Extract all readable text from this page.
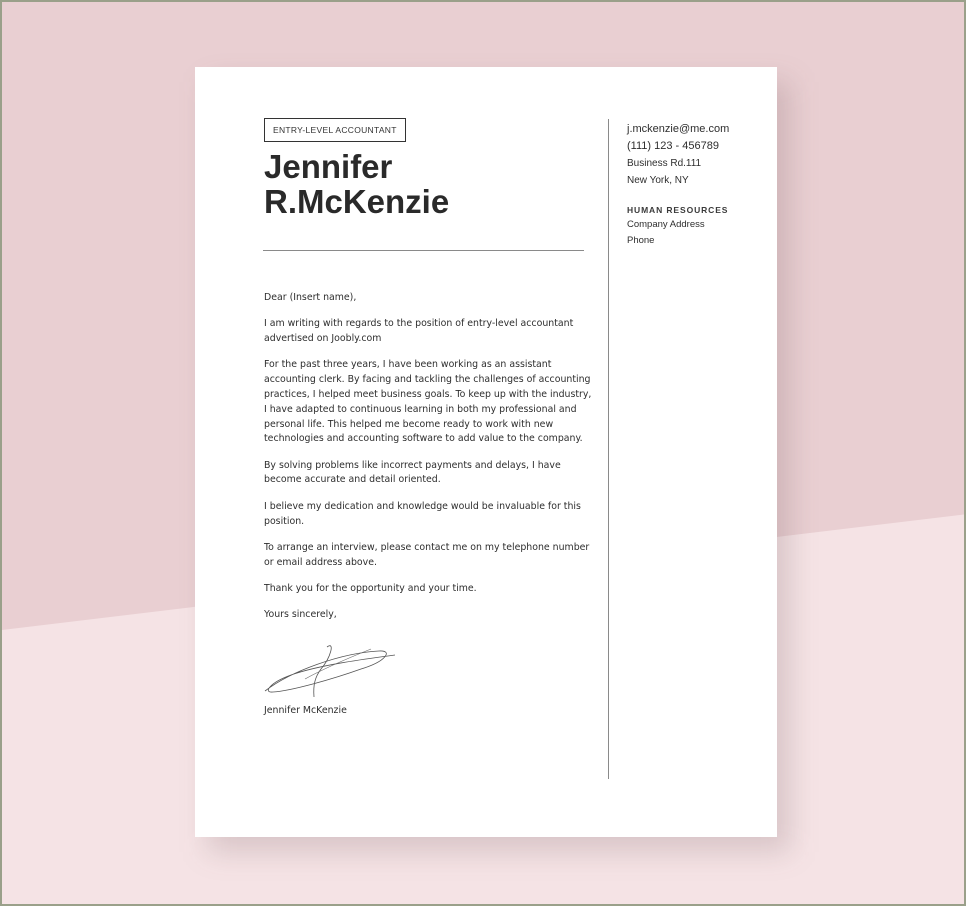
ENTRY-LEVEL ACCOUNTANT
Jennifer
R.McKenzie

Dear (Insert name),

I am writing with regards to the position of entry-level accountant advertised on Joobly.com

For the past three years, I have been working as an assistant accounting clerk. By facing and tackling the challenges of accounting practices, I helped meet business goals. To keep up with the industry, I have adapted to continuous learning in both my professional and personal life. This helped me become ready to work with new technologies and accounting software to add value to the company.

By solving problems like incorrect payments and delays, I have become accurate and detail oriented.

I believe my dedication and knowledge would be invaluable for this position.

To arrange an interview, please contact me on my telephone number or email address above.

Thank you for the opportunity and your time.

Yours sincerely,

Jennifer McKenzie
j.mckenzie@me.com
(111) 123 - 456789
Business Rd.111
New York, NY
HUMAN RESOURCES
Company Address
Phone
